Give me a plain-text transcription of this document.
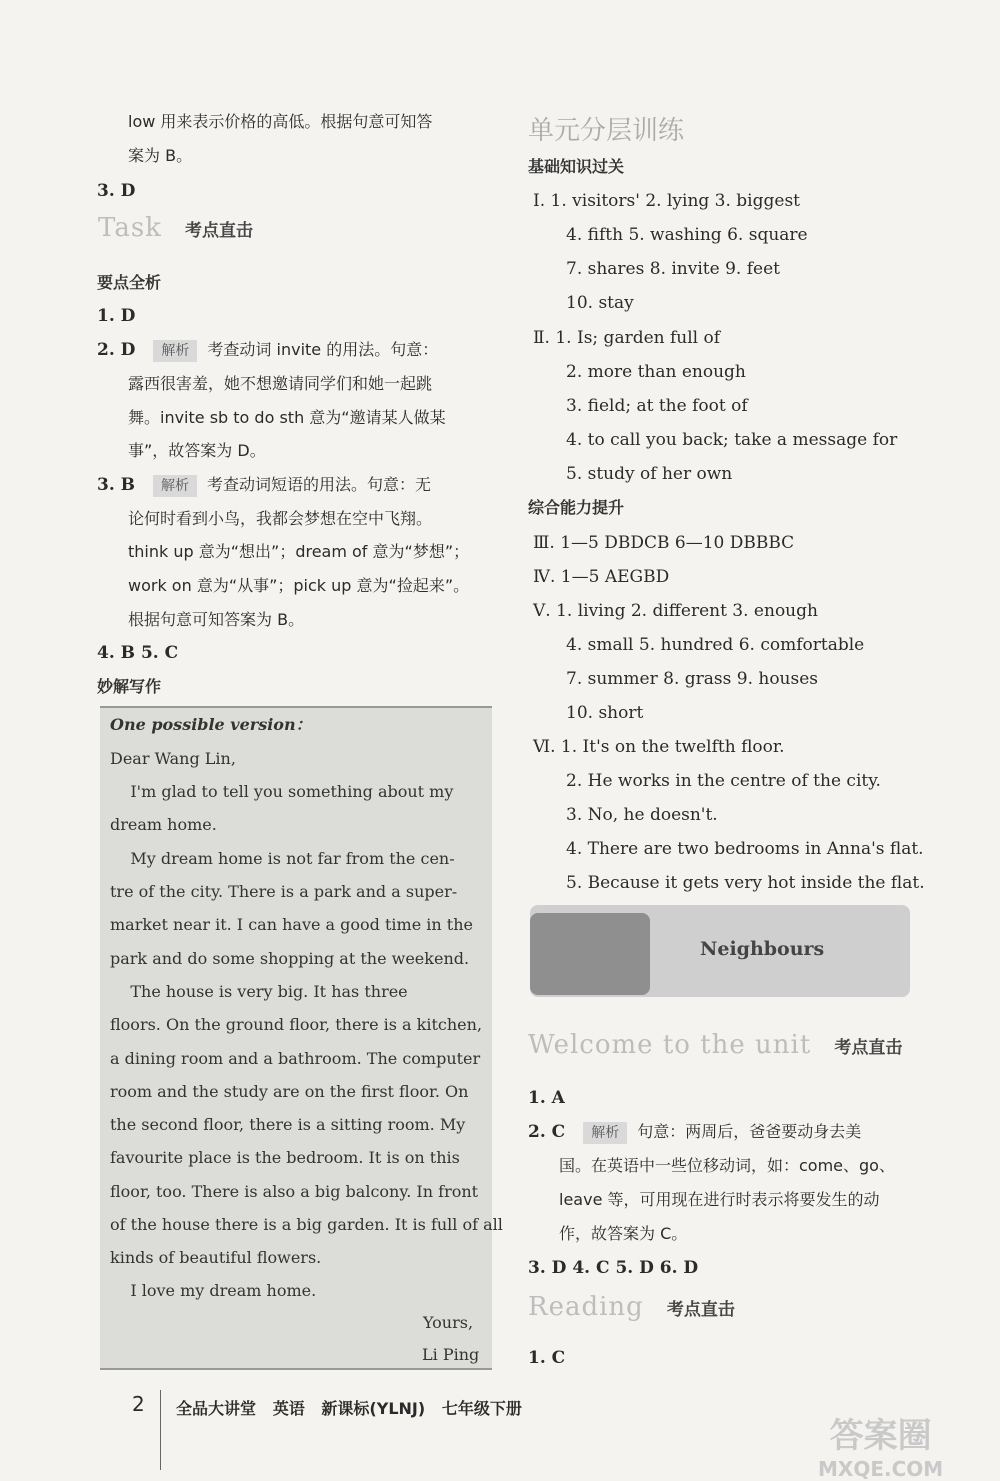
low 用来表示价格的高低。根据句意可知答
案为 B。
3. D
Task 考点直击
要点全析
1. D
2. D 解析 考查动词 invite 的用法。句意：
露西很害羞，她不想邀请同学们和她一起跳
舞。invite sb to do sth 意为“邀请某人做某
事”，故答案为 D。
3. B 解析 考查动词短语的用法。句意：无
论何时看到小鸟，我都会梦想在空中飞翔。
think up 意为“想出”；dream of 意为“梦想”；
work on 意为“从事”；pick up 意为“捡起来”。
根据句意可知答案为 B。
4. B 5. C
妙解写作
One possible version：
Dear Wang Lin,
I'm glad to tell you something about my
dream home.
My dream home is not far from the cen-
tre of the city. There is a park and a super-
market near it. I can have a good time in the
park and do some shopping at the weekend.
The house is very big. It has three
floors. On the ground floor, there is a kitchen,
a dining room and a bathroom. The computer
room and the study are on the first floor. On
the second floor, there is a sitting room. My
favourite place is the bedroom. It is on this
floor, too. There is also a big balcony. In front
of the house there is a big garden. It is full of all
kinds of beautiful flowers.
I love my dream home.
Yours,
Li Ping
单元分层训练
基础知识过关
Ⅰ. 1. visitors' 2. lying 3. biggest
4. fifth 5. washing 6. square
7. shares 8. invite 9. feet
10. stay
Ⅱ. 1. Is; garden full of
2. more than enough
3. field; at the foot of
4. to call you back; take a message for
5. study of her own
综合能力提升
Ⅲ. 1—5 DBDCB 6—10 DBBBC
Ⅳ. 1—5 AEGBD
Ⅴ. 1. living 2. different 3. enough
4. small 5. hundred 6. comfortable
7. summer 8. grass 9. houses
10. short
Ⅵ. 1. It's on the twelfth floor.
2. He works in the centre of the city.
3. No, he doesn't.
4. There are two bedrooms in Anna's flat.
5. Because it gets very hot inside the flat.
Neighbours
Welcome to the unit 考点直击
1. A
2. C 解析 句意：两周后，爸爸要动身去美
国。在英语中一些位移动词，如：come、go、
leave 等，可用现在进行时表示将要发生的动
作，故答案为 C。
3. D 4. C 5. D 6. D
Reading 考点直击
1. C
2 全品大讲堂   英语   新课标(YLNJ)   七年级下册
答案圈
MXQE.COM
